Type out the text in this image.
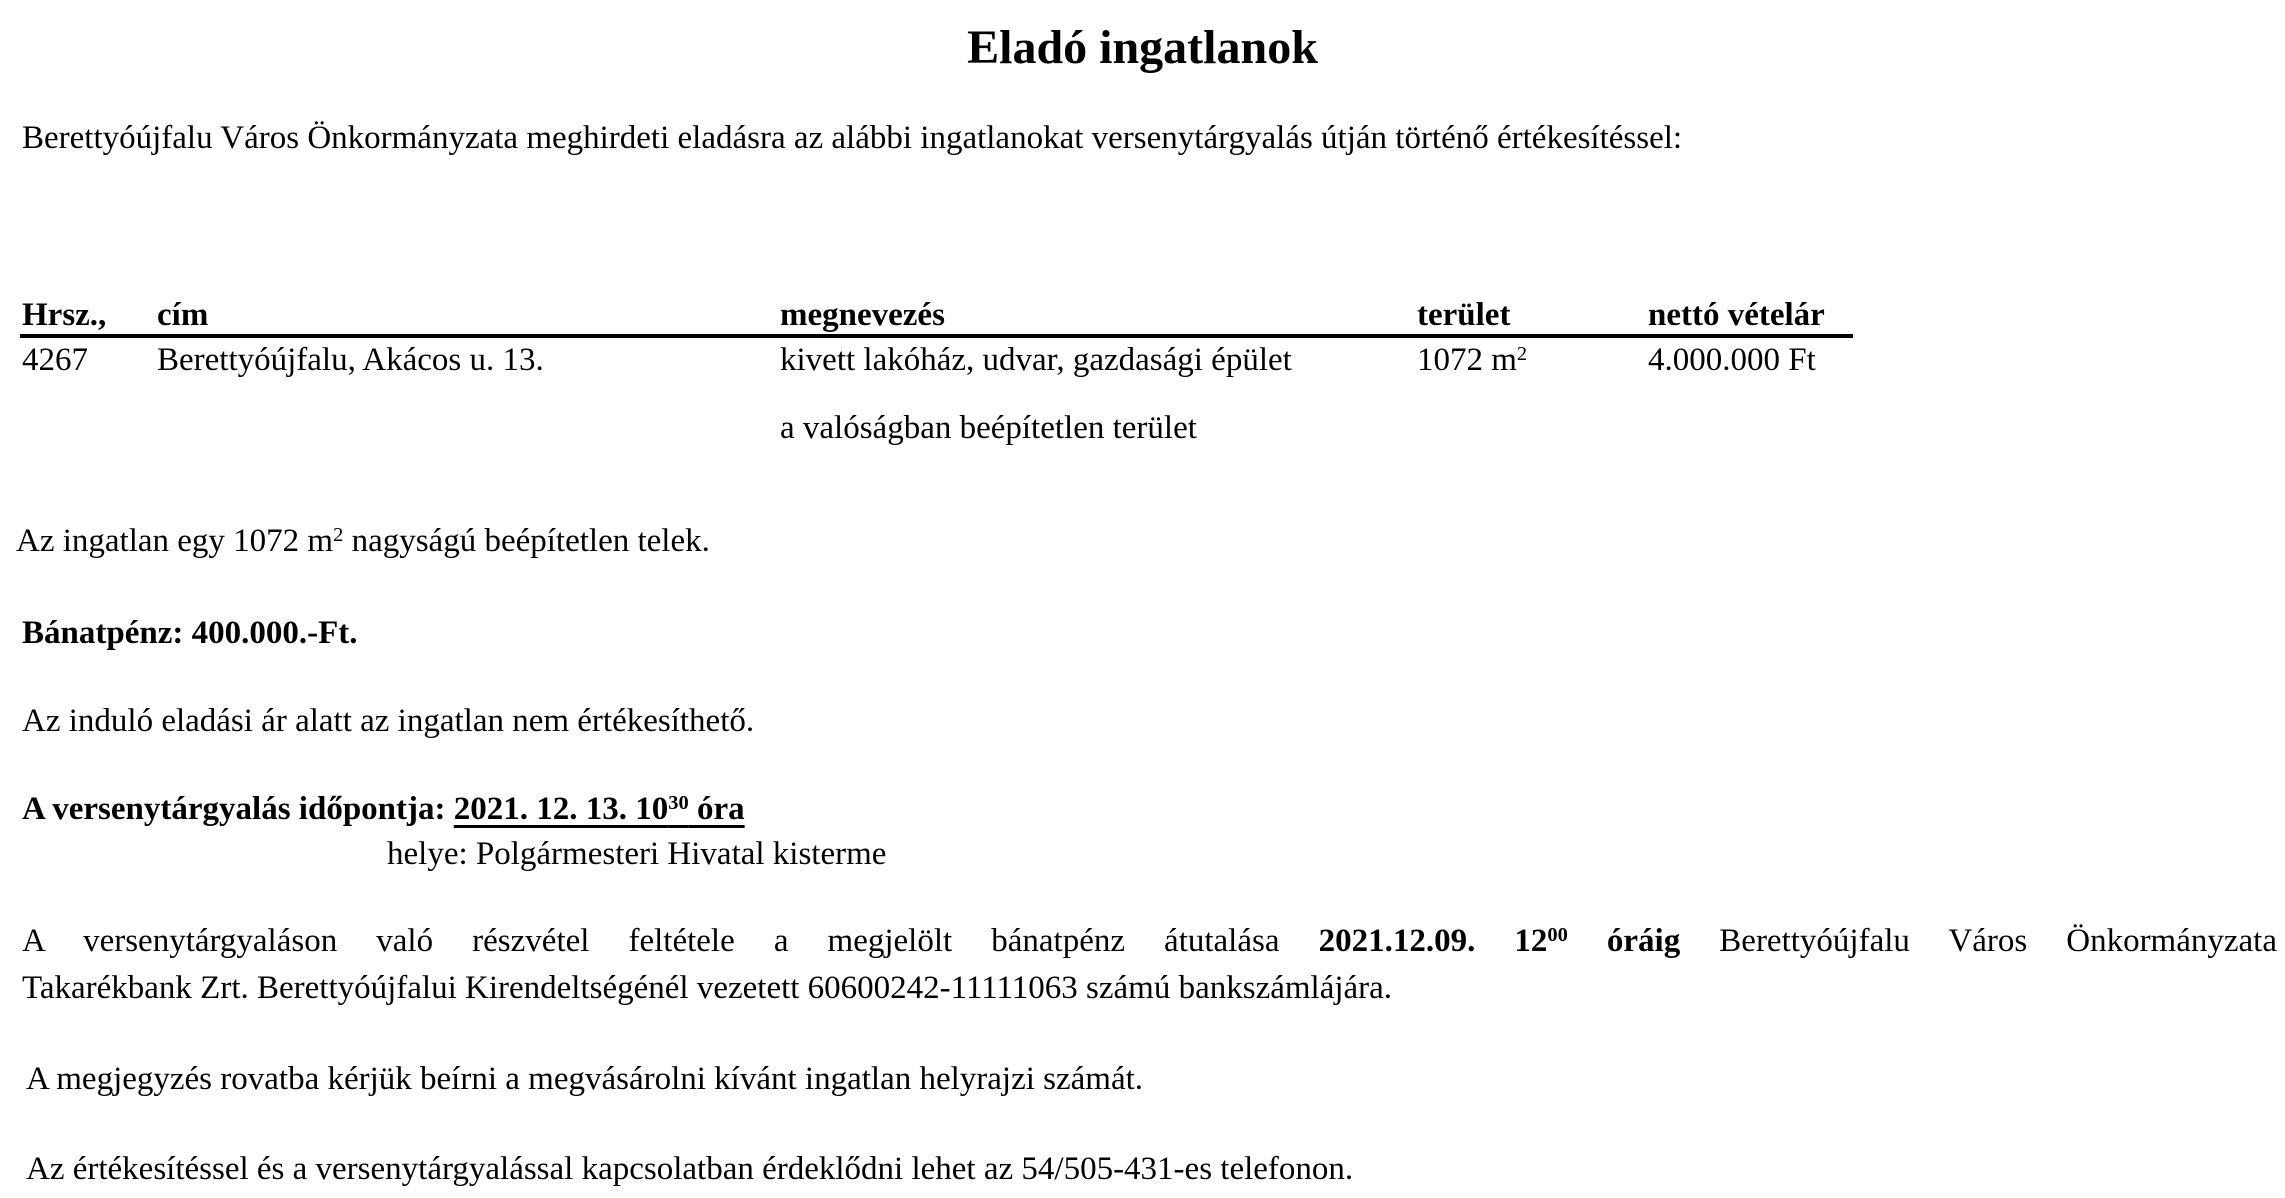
Eladó ingatlanok
Berettyóújfalu Város Önkormányzata meghirdeti eladásra az alábbi ingatlanokat versenytárgyalás útján történő értékesítéssel:
Hrsz., cím	megnevezés	terület	nettó vételár
4267 Berettyóújfalu, Akácos u. 13.	kivett lakóház, udvar, gazdasági épület	1072 $m^2$	4.000.000 Ft
a valóságban beépítetlen terület
Az ingatlan egy 1072 $m^2$ nagyságú beépítetlen telek.
Bánatpénz: 400.000.-Ft.
Az induló eladási ár alatt az ingatlan nem értékesíthető.
A versenytárgyalás időpontja: 2021. 12. 13. $10^{30}$ óra
helye: Polgármesteri Hivatal kisterme
A versenytárgyaláson való részvétel feltétele a megjelölt bánatpénz átutalása 2021.12.09. $12^{00}$ óráig Berettyóújfalu Város Önkormányzata
Takarékbank Zrt. Berettyóújfalui Kirendeltségénél vezetett 60600242-11111063 számú bankszámlájára.
A megjegyzés rovatba kérjük beírni a megvásárolni kívánt ingatlan helyrajzi számát.
Az értékesítéssel és a versenytárgyalással kapcsolatban érdeklődni lehet az 54/505-431-es telefonon.
